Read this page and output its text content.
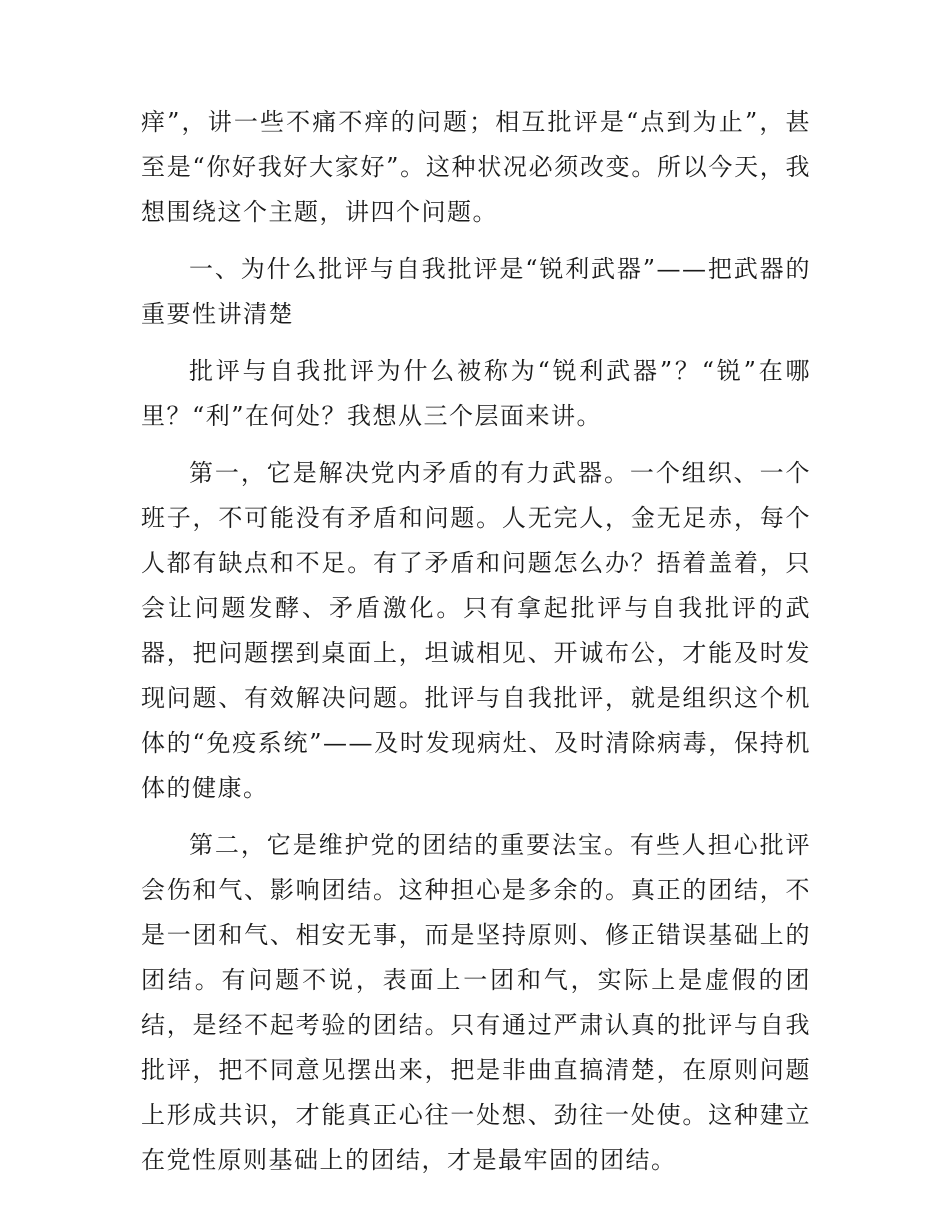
痒”，讲一些不痛不痒的问题；相互批评是“点到为止”，甚至是“你好我好大家好”。这种状况必须改变。所以今天，我想围绕这个主题，讲四个问题。

一、为什么批评与自我批评是“锐利武器”——把武器的重要性讲清楚

批评与自我批评为什么被称为“锐利武器”？“锐”在哪里？“利”在何处？我想从三个层面来讲。

第一，它是解决党内矛盾的有力武器。一个组织、一个班子，不可能没有矛盾和问题。人无完人，金无足赤，每个人都有缺点和不足。有了矛盾和问题怎么办？捂着盖着，只会让问题发酵、矛盾激化。只有拿起批评与自我批评的武器，把问题摆到桌面上，坦诚相见、开诚布公，才能及时发现问题、有效解决问题。批评与自我批评，就是组织这个机体的“免疫系统”——及时发现病灶、及时清除病毒，保持机体的健康。

第二，它是维护党的团结的重要法宝。有些人担心批评会伤和气、影响团结。这种担心是多余的。真正的团结，不是一团和气、相安无事，而是坚持原则、修正错误基础上的团结。有问题不说，表面上一团和气，实际上是虚假的团结，是经不起考验的团结。只有通过严肃认真的批评与自我批评，把不同意见摆出来，把是非曲直搞清楚，在原则问题上形成共识，才能真正心往一处想、劲往一处使。这种建立在党性原则基础上的团结，才是最牢固的团结。
